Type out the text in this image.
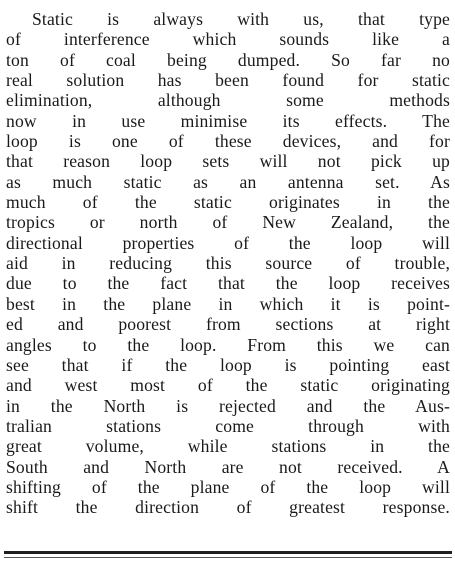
Static is always with us, that type
of interference which sounds like a
ton of coal being dumped. So far no
real solution has been found for static
elimination, although some methods
now in use minimise its effects. The
loop is one of these devices, and for
that reason loop sets will not pick up
as much static as an antenna set. As
much of the static originates in the
tropics or north of New Zealand, the
directional properties of the loop will
aid in reducing this source of trouble,
due to the fact that the loop receives
best in the plane in which it is point-
ed and poorest from sections at right
angles to the loop. From this we can
see that if the loop is pointing east
and west most of the static originating
in the North is rejected and the Aus-
tralian stations come through with
great volume, while stations in the
South and North are not received. A
shifting of the plane of the loop will
shift the direction of greatest response.
